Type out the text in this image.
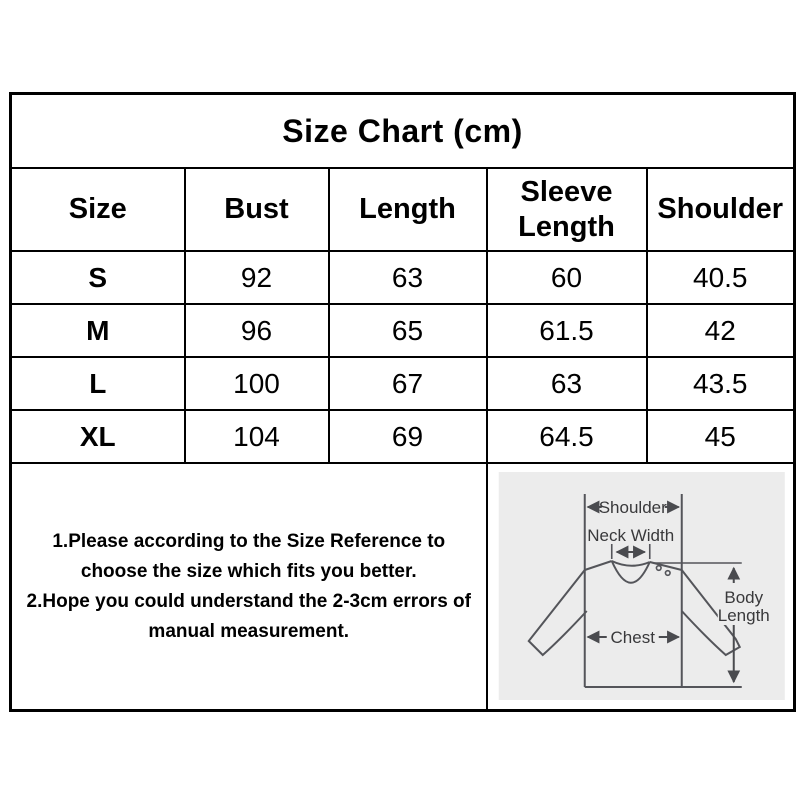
Size Chart (cm)				
Size	Bust	Length	Sleeve Length	Shoulder
S	92	63	60	40.5
M	96	65	61.5	42
L	100	67	63	43.5
XL	104	69	64.5	45

1.Please according to the Size Reference to
choose the size which fits you better.
2.Hope you could understand the 2-3cm errors of
manual measurement.

Shoulder
Neck Width
Chest
Body
Length
